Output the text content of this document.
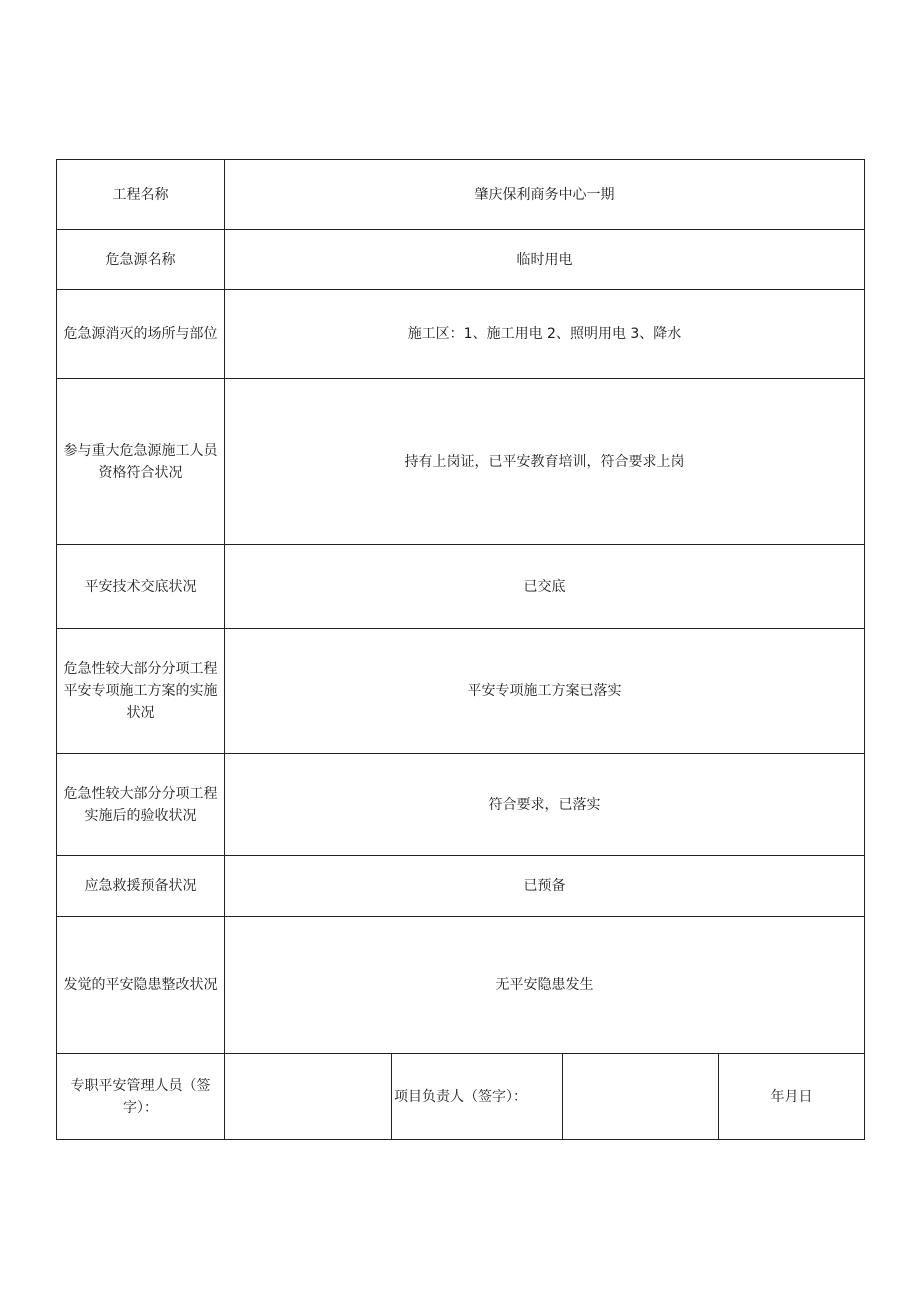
工程名称	肇庆保利商务中心一期			
危急源名称	临时用电			
危急源消灭的场所与部位	施工区：1、施工用电 2、照明用电 3、降水			
参与重大危急源施工人员资格符合状况	持有上岗证，已平安教育培训，符合要求上岗			
平安技术交底状况	已交底			
危急性较大部分分项工程平安专项施工方案的实施状况	平安专项施工方案已落实			
危急性较大部分分项工程实施后的验收状况	符合要求，已落实			
应急救援预备状况	已预备			
发觉的平安隐患整改状况	无平安隐患发生			
专职平安管理人员（签字）：		项目负责人（签字）：		年月日
